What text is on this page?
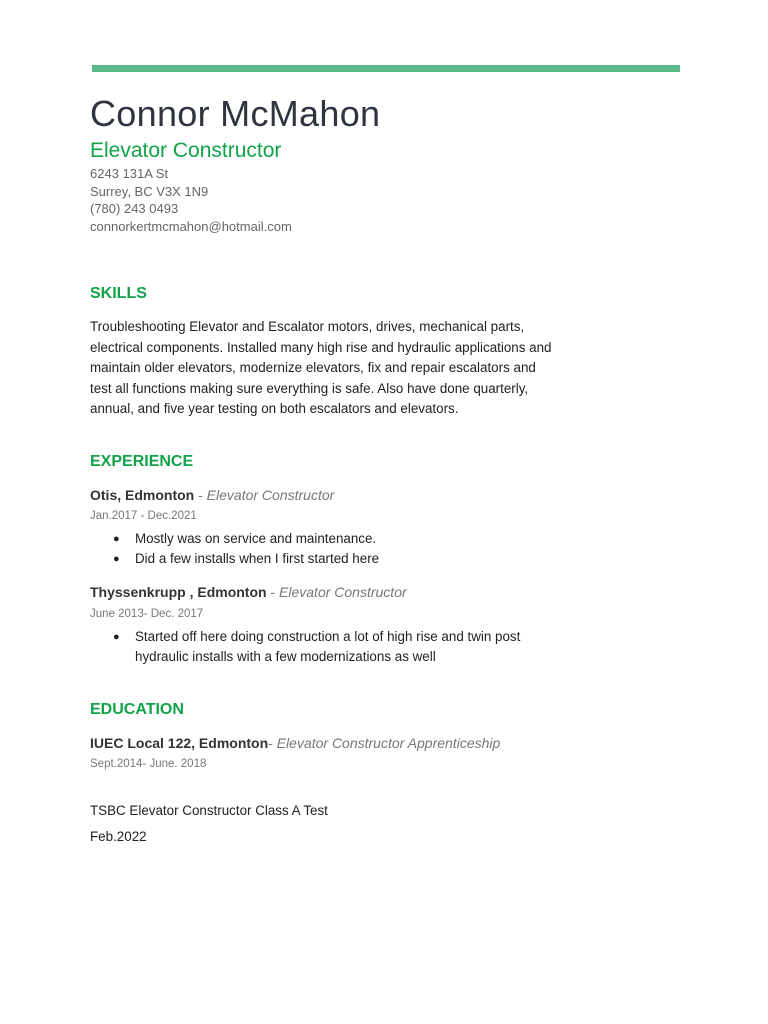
Connor McMahon
Elevator Constructor
6243 131A St
Surrey, BC V3X 1N9
(780) 243 0493
connorkertmcmahon@hotmail.com
SKILLS
Troubleshooting Elevator and Escalator motors, drives, mechanical parts,
electrical components. Installed many high rise and hydraulic applications and
maintain older elevators, modernize elevators, fix and repair escalators and
test all functions making sure everything is safe. Also have done quarterly,
annual, and five year testing on both escalators and elevators.
EXPERIENCE
Otis, Edmonton - Elevator Constructor
Jan.2017 - Dec.2021
● Mostly was on service and maintenance.
● Did a few installs when I first started here
Thyssenkrupp , Edmonton - Elevator Constructor
June 2013- Dec. 2017
● Started off here doing construction a lot of high rise and twin post hydraulic installs with a few modernizations as well
EDUCATION
IUEC Local 122, Edmonton- Elevator Constructor Apprenticeship
Sept.2014- June. 2018
TSBC Elevator Constructor Class A Test
Feb.2022
